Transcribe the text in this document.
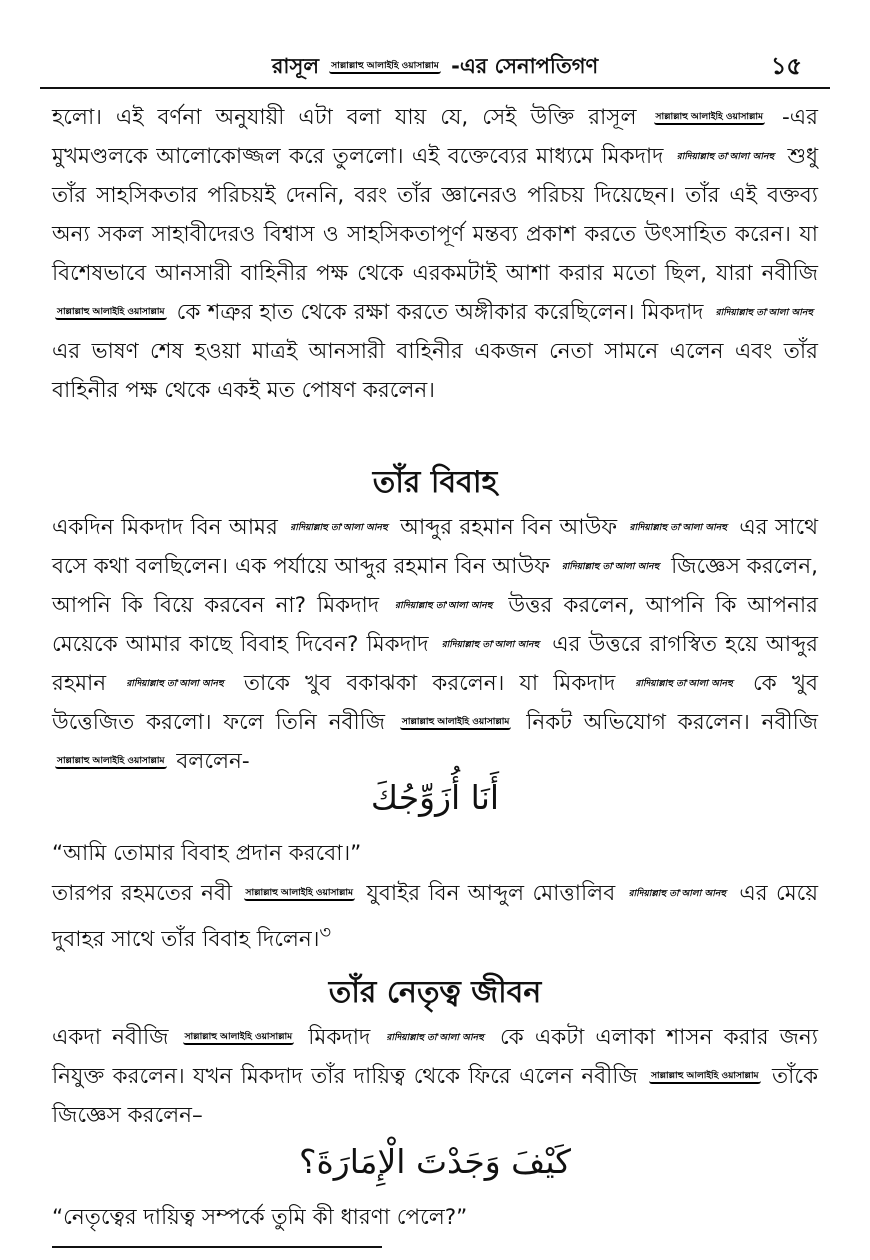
রাসূল সাল্লাল্লাহু আলাইহি ওয়াসাল্লাম -এর সেনাপতিগণ	১৫

হলো। এই বর্ণনা অনুযায়ী এটা বলা যায় যে, সেই উক্তি রাসূল সাল্লাল্লাহু আলাইহি ওয়াসাল্লাম -এর মুখমণ্ডলকে আলোকোজ্জল করে তুললো। এই বক্তেব্যের মাধ্যমে মিকদাদ রাদিয়াল্লাহু তা'আলা আনহু শুধু তাঁর সাহসিকতার পরিচয়ই দেননি, বরং তাঁর জ্ঞানেরও পরিচয় দিয়েছেন। তাঁর এই বক্তব্য অন্য সকল সাহাবীদেরও বিশ্বাস ও সাহসিকতাপূর্ণ মন্তব্য প্রকাশ করতে উৎসাহিত করেন। যা বিশেষভাবে আনসারী বাহিনীর পক্ষ থেকে এরকমটাই আশা করার মতো ছিল, যারা নবীজি সাল্লাল্লাহু আলাইহি ওয়াসাল্লাম কে শত্রুর হাত থেকে রক্ষা করতে অঙ্গীকার করেছিলেন। মিকদাদ রাদিয়াল্লাহু তা'আলা আনহু এর ভাষণ শেষ হওয়া মাত্রই আনসারী বাহিনীর একজন নেতা সামনে এলেন এবং তাঁর বাহিনীর পক্ষ থেকে একই মত পোষণ করলেন।

তাঁর বিবাহ

একদিন মিকদাদ বিন আমর রাদিয়াল্লাহু তা'আলা আনহু আব্দুর রহমান বিন আউফ রাদিয়াল্লাহু তা'আলা আনহু এর সাথে বসে কথা বলছিলেন। এক পর্যায়ে আব্দুর রহমান বিন আউফ রাদিয়াল্লাহু তা'আলা আনহু জিজ্ঞেস করলেন, আপনি কি বিয়ে করবেন না? মিকদাদ রাদিয়াল্লাহু তা'আলা আনহু উত্তর করলেন, আপনি কি আপনার মেয়েকে আমার কাছে বিবাহ দিবেন? মিকদাদ রাদিয়াল্লাহু তা'আলা আনহু এর উত্তরে রাগস্বিত হয়ে আব্দুর রহমান রাদিয়াল্লাহু তা'আলা আনহু তাকে খুব বকাঝকা করলেন। যা মিকদাদ রাদিয়াল্লাহু তা'আলা আনহু কে খুব উত্তেজিত করলো। ফলে তিনি নবীজি সাল্লাল্লাহু আলাইহি ওয়াসাল্লাম নিকট অভিযোগ করলেন। নবীজি সাল্লাল্লাহু আলাইহি ওয়াসাল্লাম বললেন-

أَنَا أُزَوِّجُكَ

“আমি তোমার বিবাহ প্রদান করবো।”

তারপর রহমতের নবী সাল্লাল্লাহু আলাইহি ওয়াসাল্লাম যুবাইর বিন আব্দুল মোত্তালিব রাদিয়াল্লাহু তা'আলা আনহু এর মেয়ে দুবাহর সাথে তাঁর বিবাহ দিলেন।$^৩$

তাঁর নেতৃত্ব জীবন

একদা নবীজি সাল্লাল্লাহু আলাইহি ওয়াসাল্লাম মিকদাদ রাদিয়াল্লাহু তা'আলা আনহু কে একটা এলাকা শাসন করার জন্য নিযুক্ত করলেন। যখন মিকদাদ তাঁর দায়িত্ব থেকে ফিরে এলেন নবীজি সাল্লাল্লাহু আলাইহি ওয়াসাল্লাম তাঁকে জিজ্ঞেস করলেন–

كَيْفَ وَجَدْتَ الْإِمَارَةَ؟

“নেতৃত্বের দায়িত্ব সম্পর্কে তুমি কী ধারণা পেলে?”
